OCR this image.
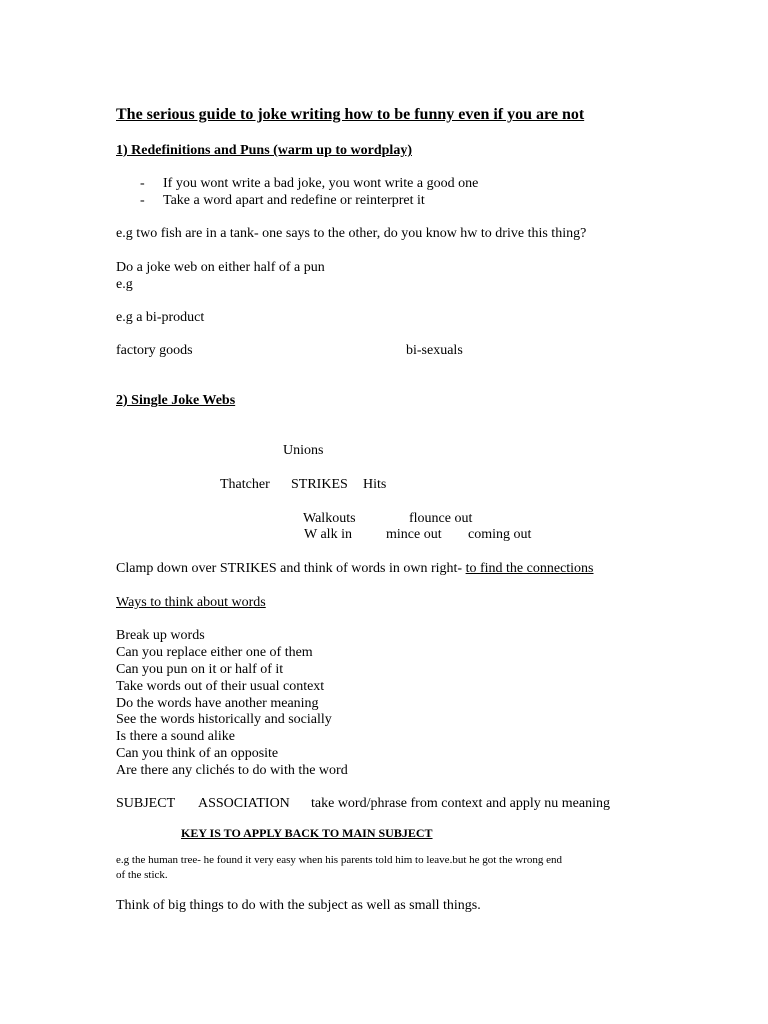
The serious guide to joke writing how to be funny even if you are not
1) Redefinitions and Puns (warm up to wordplay)
- If you wont write a bad joke, you wont write a good one
- Take a word apart and redefine or reinterpret it
e.g two fish are in a tank- one says to the other, do you know hw to drive this thing?
Do a joke web on either half of a pun
e.g
e.g a bi-product
factory goods	bi-sexuals
2) Single Joke Webs
Unions
Thatcher STRIKES Hits
Walkouts	flounce out
W alk in mince out coming out
Clamp down over STRIKES and think of words in own right- to find the connections
Ways to think about words
Break up words
Can you replace either one of them
Can you pun on it or half of it
Take words out of their usual context
Do the words have another meaning
See the words historically and socially
Is there a sound alike
Can you think of an opposite
Are there any clichés to do with the word
SUBJECT ASSOCIATION take word/phrase from context and apply nu meaning
KEY IS TO APPLY BACK TO MAIN SUBJECT
e.g the human tree- he found it very easy when his parents told him to leave.but he got the wrong end
of the stick.
Think of big things to do with the subject as well as small things.
